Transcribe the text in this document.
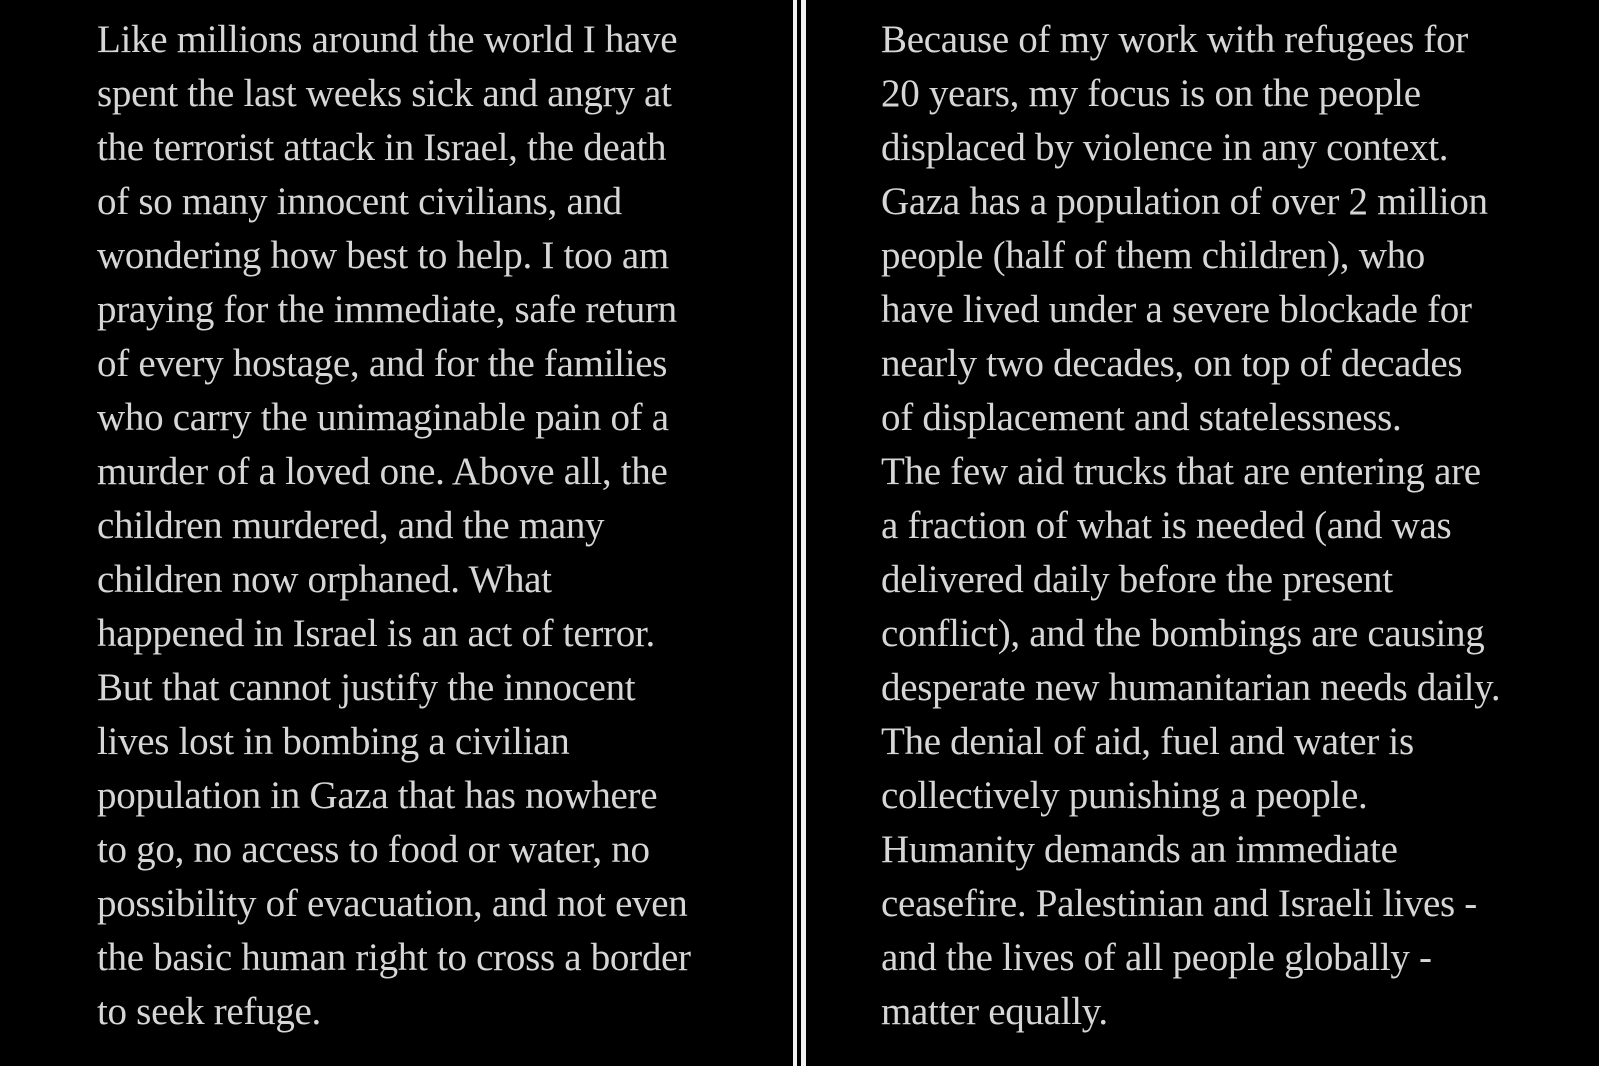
Like millions around the world I have
spent the last weeks sick and angry at
the terrorist attack in Israel, the death
of so many innocent civilians, and
wondering how best to help. I too am
praying for the immediate, safe return
of every hostage, and for the families
who carry the unimaginable pain of a
murder of a loved one. Above all, the
children murdered, and the many
children now orphaned. What
happened in Israel is an act of terror.
But that cannot justify the innocent
lives lost in bombing a civilian
population in Gaza that has nowhere
to go, no access to food or water, no
possibility of evacuation, and not even
the basic human right to cross a border
to seek refuge.
Because of my work with refugees for
20 years, my focus is on the people
displaced by violence in any context.
Gaza has a population of over 2 million
people (half of them children), who
have lived under a severe blockade for
nearly two decades, on top of decades
of displacement and statelessness.
The few aid trucks that are entering are
a fraction of what is needed (and was
delivered daily before the present
conflict), and the bombings are causing
desperate new humanitarian needs daily.
The denial of aid, fuel and water is
collectively punishing a people.
Humanity demands an immediate
ceasefire. Palestinian and Israeli lives -
and the lives of all people globally -
matter equally.
